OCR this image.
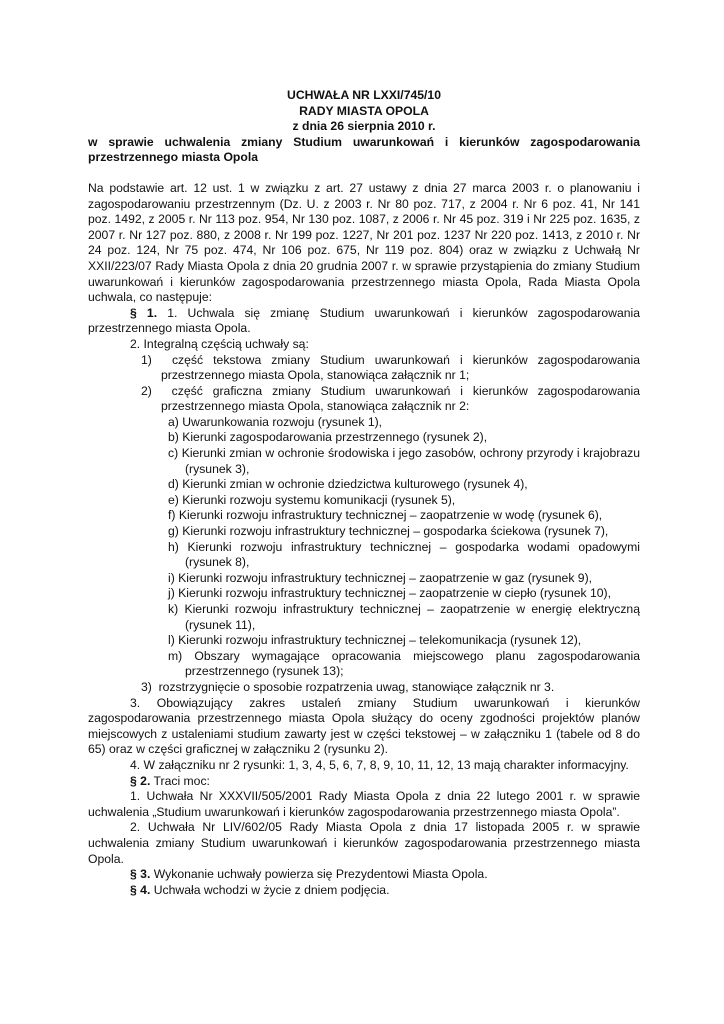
UCHWAŁA NR LXXI/745/10
RADY MIASTA OPOLA
z dnia 26 sierpnia 2010 r.

w sprawie uchwalenia zmiany Studium uwarunkowań i kierunków zagospodarowania przestrzennego miasta Opola

Na podstawie art. 12 ust. 1 w związku z art. 27 ustawy z dnia 27 marca 2003 r. o planowaniu i zagospodarowaniu przestrzennym (Dz. U. z 2003 r. Nr 80 poz. 717, z 2004 r. Nr 6 poz. 41, Nr 141 poz. 1492, z 2005 r. Nr 113 poz. 954, Nr 130 poz. 1087, z 2006 r. Nr 45 poz. 319 i Nr 225 poz. 1635, z 2007 r. Nr 127 poz. 880, z 2008 r. Nr 199 poz. 1227, Nr 201 poz. 1237 Nr 220 poz. 1413, z 2010 r. Nr 24 poz. 124, Nr 75 poz. 474, Nr 106 poz. 675, Nr 119 poz. 804) oraz w związku z Uchwałą Nr XXII/223/07 Rady Miasta Opola z dnia 20 grudnia 2007 r. w sprawie przystąpienia do zmiany Studium uwarunkowań i kierunków zagospodarowania przestrzennego miasta Opola, Rada Miasta Opola uchwala, co następuje:

§ 1. 1. Uchwala się zmianę Studium uwarunkowań i kierunków zagospodarowania przestrzennego miasta Opola.

2. Integralną częścią uchwały są:

1)  część tekstowa zmiany Studium uwarunkowań i kierunków zagospodarowania przestrzennego miasta Opola, stanowiąca załącznik nr 1;

2)  część graficzna zmiany Studium uwarunkowań i kierunków zagospodarowania przestrzennego miasta Opola, stanowiąca załącznik nr 2:

a) Uwarunkowania rozwoju (rysunek 1),

b) Kierunki zagospodarowania przestrzennego (rysunek 2),

c) Kierunki zmian w ochronie środowiska i jego zasobów, ochrony przyrody i krajobrazu (rysunek 3),

d) Kierunki zmian w ochronie dziedzictwa kulturowego (rysunek 4),

e) Kierunki rozwoju systemu komunikacji (rysunek 5),

f) Kierunki rozwoju infrastruktury technicznej – zaopatrzenie w wodę (rysunek 6),

g) Kierunki rozwoju infrastruktury technicznej – gospodarka ściekowa (rysunek 7),

h) Kierunki rozwoju infrastruktury technicznej – gospodarka wodami opadowymi (rysunek 8),

i) Kierunki rozwoju infrastruktury technicznej – zaopatrzenie w gaz (rysunek 9),

j) Kierunki rozwoju infrastruktury technicznej – zaopatrzenie w ciepło (rysunek 10),

k) Kierunki rozwoju infrastruktury technicznej – zaopatrzenie w energię elektryczną (rysunek 11),

l) Kierunki rozwoju infrastruktury technicznej – telekomunikacja (rysunek 12),

m) Obszary wymagające opracowania miejscowego planu zagospodarowania przestrzennego (rysunek 13);

3)  rozstrzygnięcie o sposobie rozpatrzenia uwag, stanowiące załącznik nr 3.

3. Obowiązujący zakres ustaleń zmiany Studium uwarunkowań i kierunków zagospodarowania przestrzennego miasta Opola służący do oceny zgodności projektów planów miejscowych z ustaleniami studium zawarty jest w części tekstowej – w załączniku 1 (tabele od 8 do 65) oraz w części graficznej w załączniku 2 (rysunku 2).

4. W załączniku nr 2 rysunki: 1, 3, 4, 5, 6, 7, 8, 9, 10, 11, 12, 13 mają charakter informacyjny.

§ 2. Traci moc:

1. Uchwała Nr XXXVII/505/2001 Rady Miasta Opola z dnia 22 lutego 2001 r. w sprawie uchwalenia „Studium uwarunkowań i kierunków zagospodarowania przestrzennego miasta Opola”.

2. Uchwała Nr LIV/602/05 Rady Miasta Opola z dnia 17 listopada 2005 r. w sprawie uchwalenia zmiany Studium uwarunkowań i kierunków zagospodarowania przestrzennego miasta Opola.

§ 3. Wykonanie uchwały powierza się Prezydentowi Miasta Opola.

§ 4. Uchwała wchodzi w życie z dniem podjęcia.
